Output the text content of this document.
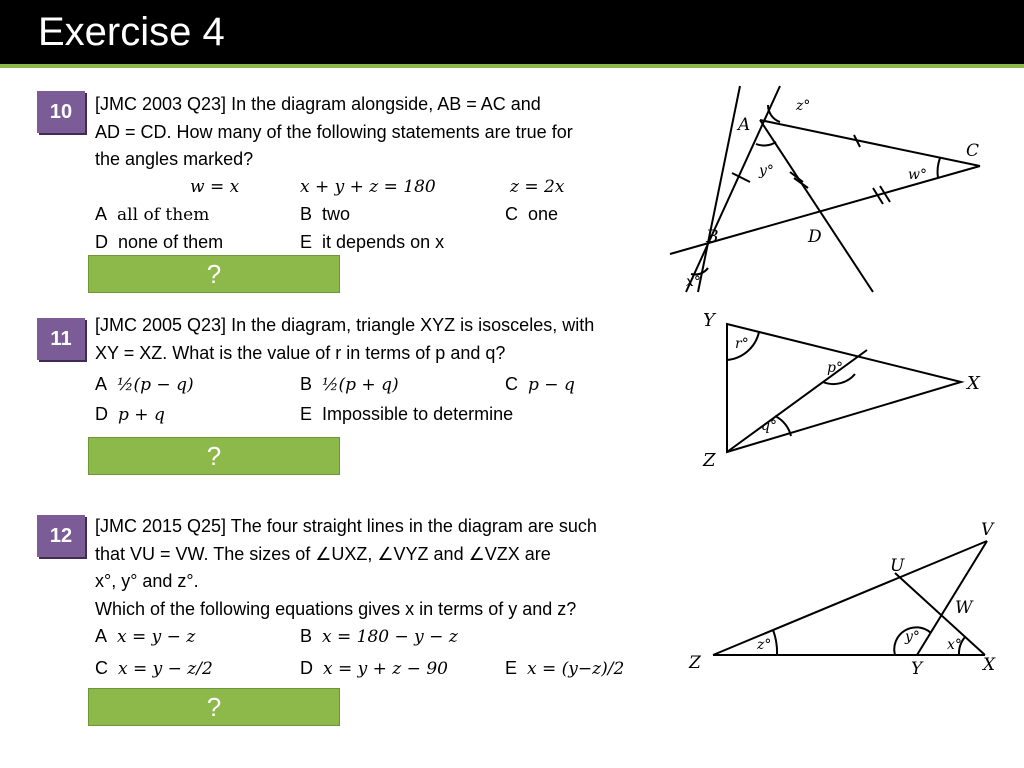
Exercise 4
10	[JMC 2003 Q23] In the diagram alongside, AB = AC and

AD = CD. How many of the following statements are true for

the angles marked?

w = x	x + y + z = 180	z = 2x
A all of them	B two	C one
D none of them	E it depends on x
?
A
B
C
D
z°
y°	w°
x°
11

[JMC 2005 Q23] In the diagram, triangle XYZ is isosceles, with

XY = XZ. What is the value of r in terms of p and q?

A ½(p − q)	B ½(p + q)	C p − q
D p + q	E Impossible to determine
?
Y
X
Z
r°
p°
q°
12	[JMC 2015 Q25] The four straight lines in the diagram are such

that VU = VW. The sizes of ∠UXZ, ∠VYZ and ∠VZX are

x°, y° and z°.

Which of the following equations gives x in terms of y and z?

A x = y − z	B x = 180 − y − z
C x = y − z/2	D x = y + z − 90	E x = (y−z)/2
?
Z
V
U
W
Y	X
z°	y° x°
